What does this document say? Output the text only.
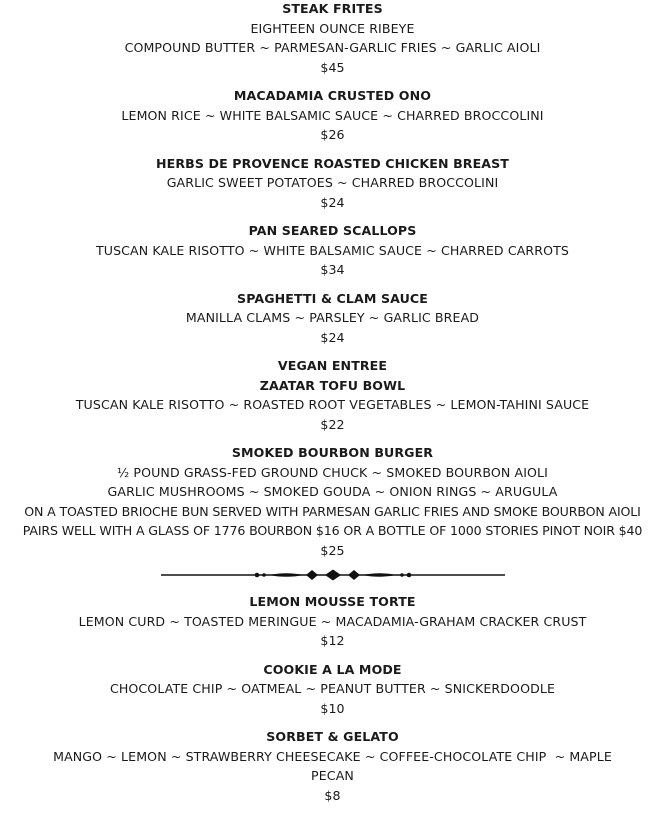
STEAK FRITES
EIGHTEEN OUNCE RIBEYE
COMPOUND BUTTER ~ PARMESAN-GARLIC FRIES ~ GARLIC AIOLI
$45
MACADAMIA CRUSTED ONO
LEMON RICE ~ WHITE BALSAMIC SAUCE ~ CHARRED BROCCOLINI
$26
HERBS DE PROVENCE ROASTED CHICKEN BREAST
GARLIC SWEET POTATOES ~ CHARRED BROCCOLINI
$24
PAN SEARED SCALLOPS
TUSCAN KALE RISOTTO ~ WHITE BALSAMIC SAUCE ~ CHARRED CARROTS
$34
SPAGHETTI & CLAM SAUCE
MANILLA CLAMS ~ PARSLEY ~ GARLIC BREAD
$24
VEGAN ENTREE
ZAATAR TOFU BOWL
TUSCAN KALE RISOTTO ~ ROASTED ROOT VEGETABLES ~ LEMON-TAHINI SAUCE
$22
SMOKED BOURBON BURGER
½ POUND GRASS-FED GROUND CHUCK ~ SMOKED BOURBON AIOLI
GARLIC MUSHROOMS ~ SMOKED GOUDA ~ ONION RINGS ~ ARUGULA
ON A TOASTED BRIOCHE BUN SERVED WITH PARMESAN GARLIC FRIES AND SMOKE BOURBON AIOLI
PAIRS WELL WITH A GLASS OF 1776 BOURBON $16 OR A BOTTLE OF 1000 STORIES PINOT NOIR $40
$25
LEMON MOUSSE TORTE
LEMON CURD ~ TOASTED MERINGUE ~ MACADAMIA-GRAHAM CRACKER CRUST
$12
COOKIE A LA MODE
CHOCOLATE CHIP ~ OATMEAL ~ PEANUT BUTTER ~ SNICKERDOODLE
$10
SORBET & GELATO
MANGO ~ LEMON ~ STRAWBERRY CHEESECAKE ~ COFFEE-CHOCOLATE CHIP  ~ MAPLE
PECAN
$8
